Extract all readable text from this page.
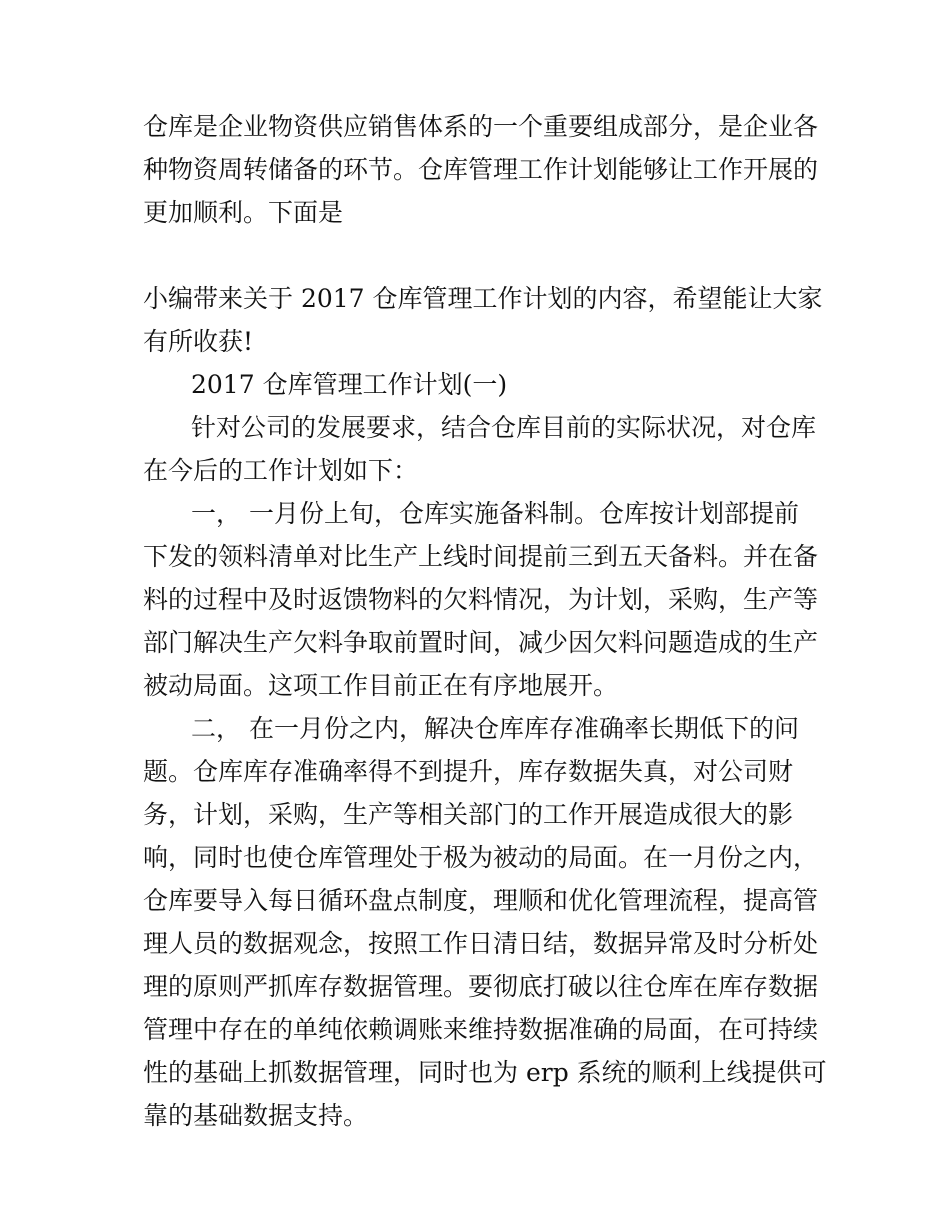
仓库是企业物资供应销售体系的一个重要组成部分，是企业各

种物资周转储备的环节。仓库管理工作计划能够让工作开展的

更加顺利。下面是

小编带来关于 2017 仓库管理工作计划的内容，希望能让大家

有所收获!

2017 仓库管理工作计划(一)

针对公司的发展要求，结合仓库目前的实际状况，对仓库

在今后的工作计划如下：

一， 一月份上旬，仓库实施备料制。仓库按计划部提前

下发的领料清单对比生产上线时间提前三到五天备料。并在备

料的过程中及时返馈物料的欠料情况，为计划，采购，生产等

部门解决生产欠料争取前置时间，减少因欠料问题造成的生产

被动局面。这项工作目前正在有序地展开。

二， 在一月份之内，解决仓库库存准确率长期低下的问

题。仓库库存准确率得不到提升，库存数据失真，对公司财

务，计划，采购，生产等相关部门的工作开展造成很大的影

响，同时也使仓库管理处于极为被动的局面。在一月份之内，

仓库要导入每日循环盘点制度，理顺和优化管理流程，提高管

理人员的数据观念，按照工作日清日结，数据异常及时分析处

理的原则严抓库存数据管理。要彻底打破以往仓库在库存数据

管理中存在的单纯依赖调账来维持数据准确的局面，在可持续

性的基础上抓数据管理，同时也为 erp 系统的顺利上线提供可

靠的基础数据支持。
